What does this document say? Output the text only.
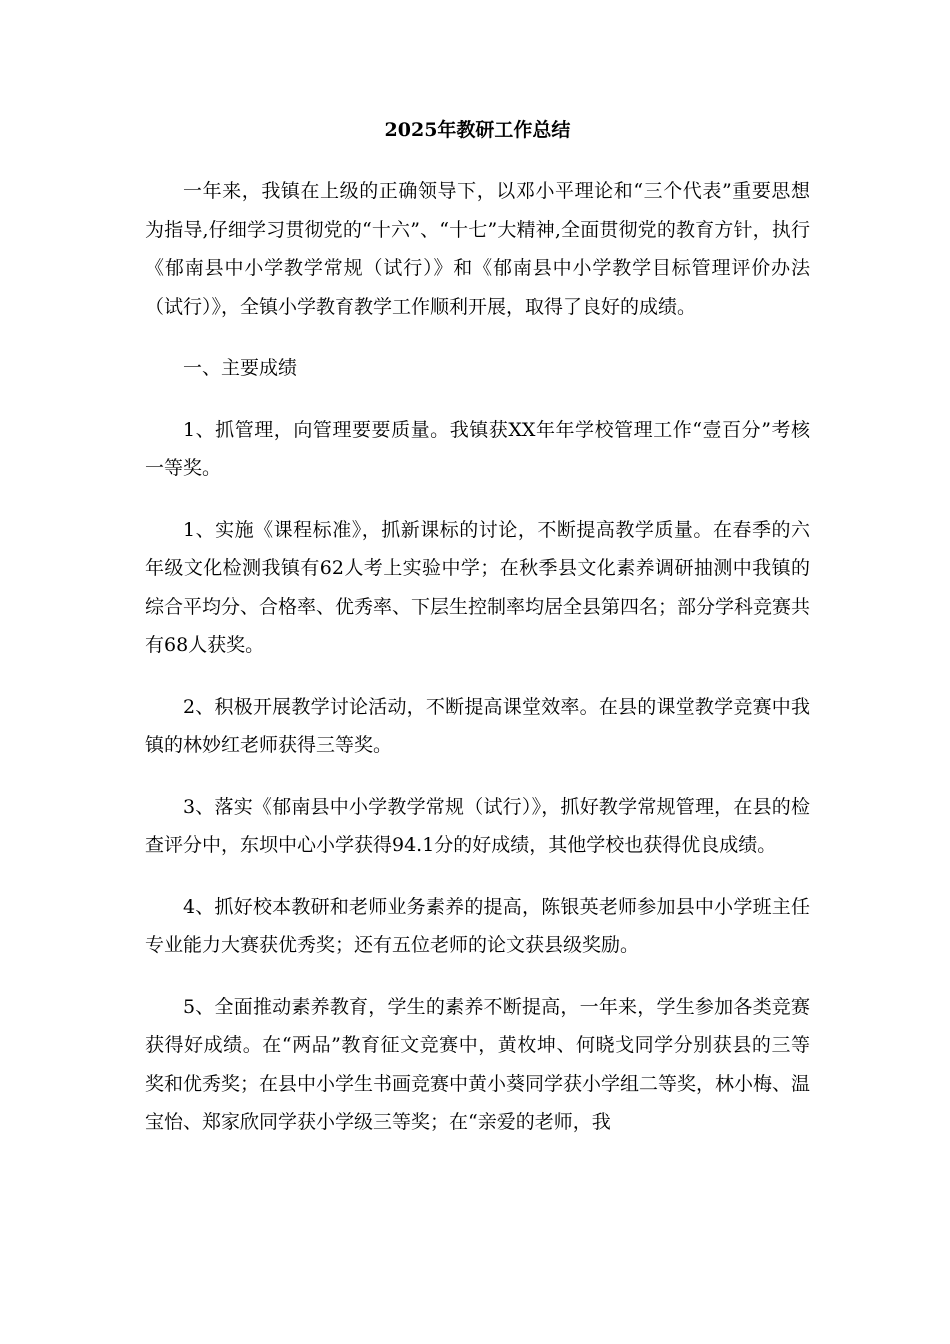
2025年教研工作总结

一年来，我镇在上级的正确领导下，以邓小平理论和“三个代表”重要思想为指导,仔细学习贯彻党的“十六”、“十七”大精神,全面贯彻党的教育方针，执行《郁南县中小学教学常规（试行）》和《郁南县中小学教学目标管理评价办法（试行）》，全镇小学教育教学工作顺利开展，取得了良好的成绩。

一、主要成绩

1、抓管理，向管理要要质量。我镇获XX年年学校管理工作“壹百分”考核一等奖。

1、实施《课程标准》，抓新课标的讨论，不断提高教学质量。在春季的六年级文化检测我镇有62人考上实验中学；在秋季县文化素养调研抽测中我镇的综合平均分、合格率、优秀率、下层生控制率均居全县第四名；部分学科竞赛共有68人获奖。

2、积极开展教学讨论活动，不断提高课堂效率。在县的课堂教学竞赛中我镇的林妙红老师获得三等奖。

3、落实《郁南县中小学教学常规（试行）》，抓好教学常规管理，在县的检查评分中，东坝中心小学获得94.1分的好成绩，其他学校也获得优良成绩。

4、抓好校本教研和老师业务素养的提高，陈银英老师参加县中小学班主任专业能力大赛获优秀奖；还有五位老师的论文获县级奖励。

5、全面推动素养教育，学生的素养不断提高，一年来，学生参加各类竞赛获得好成绩。在“两品”教育征文竞赛中，黄枚坤、何晓戈同学分别获县的三等奖和优秀奖；在县中小学生书画竞赛中黄小葵同学获小学组二等奖，林小梅、温宝怡、郑家欣同学获小学级三等奖；在“亲爱的老师，我
